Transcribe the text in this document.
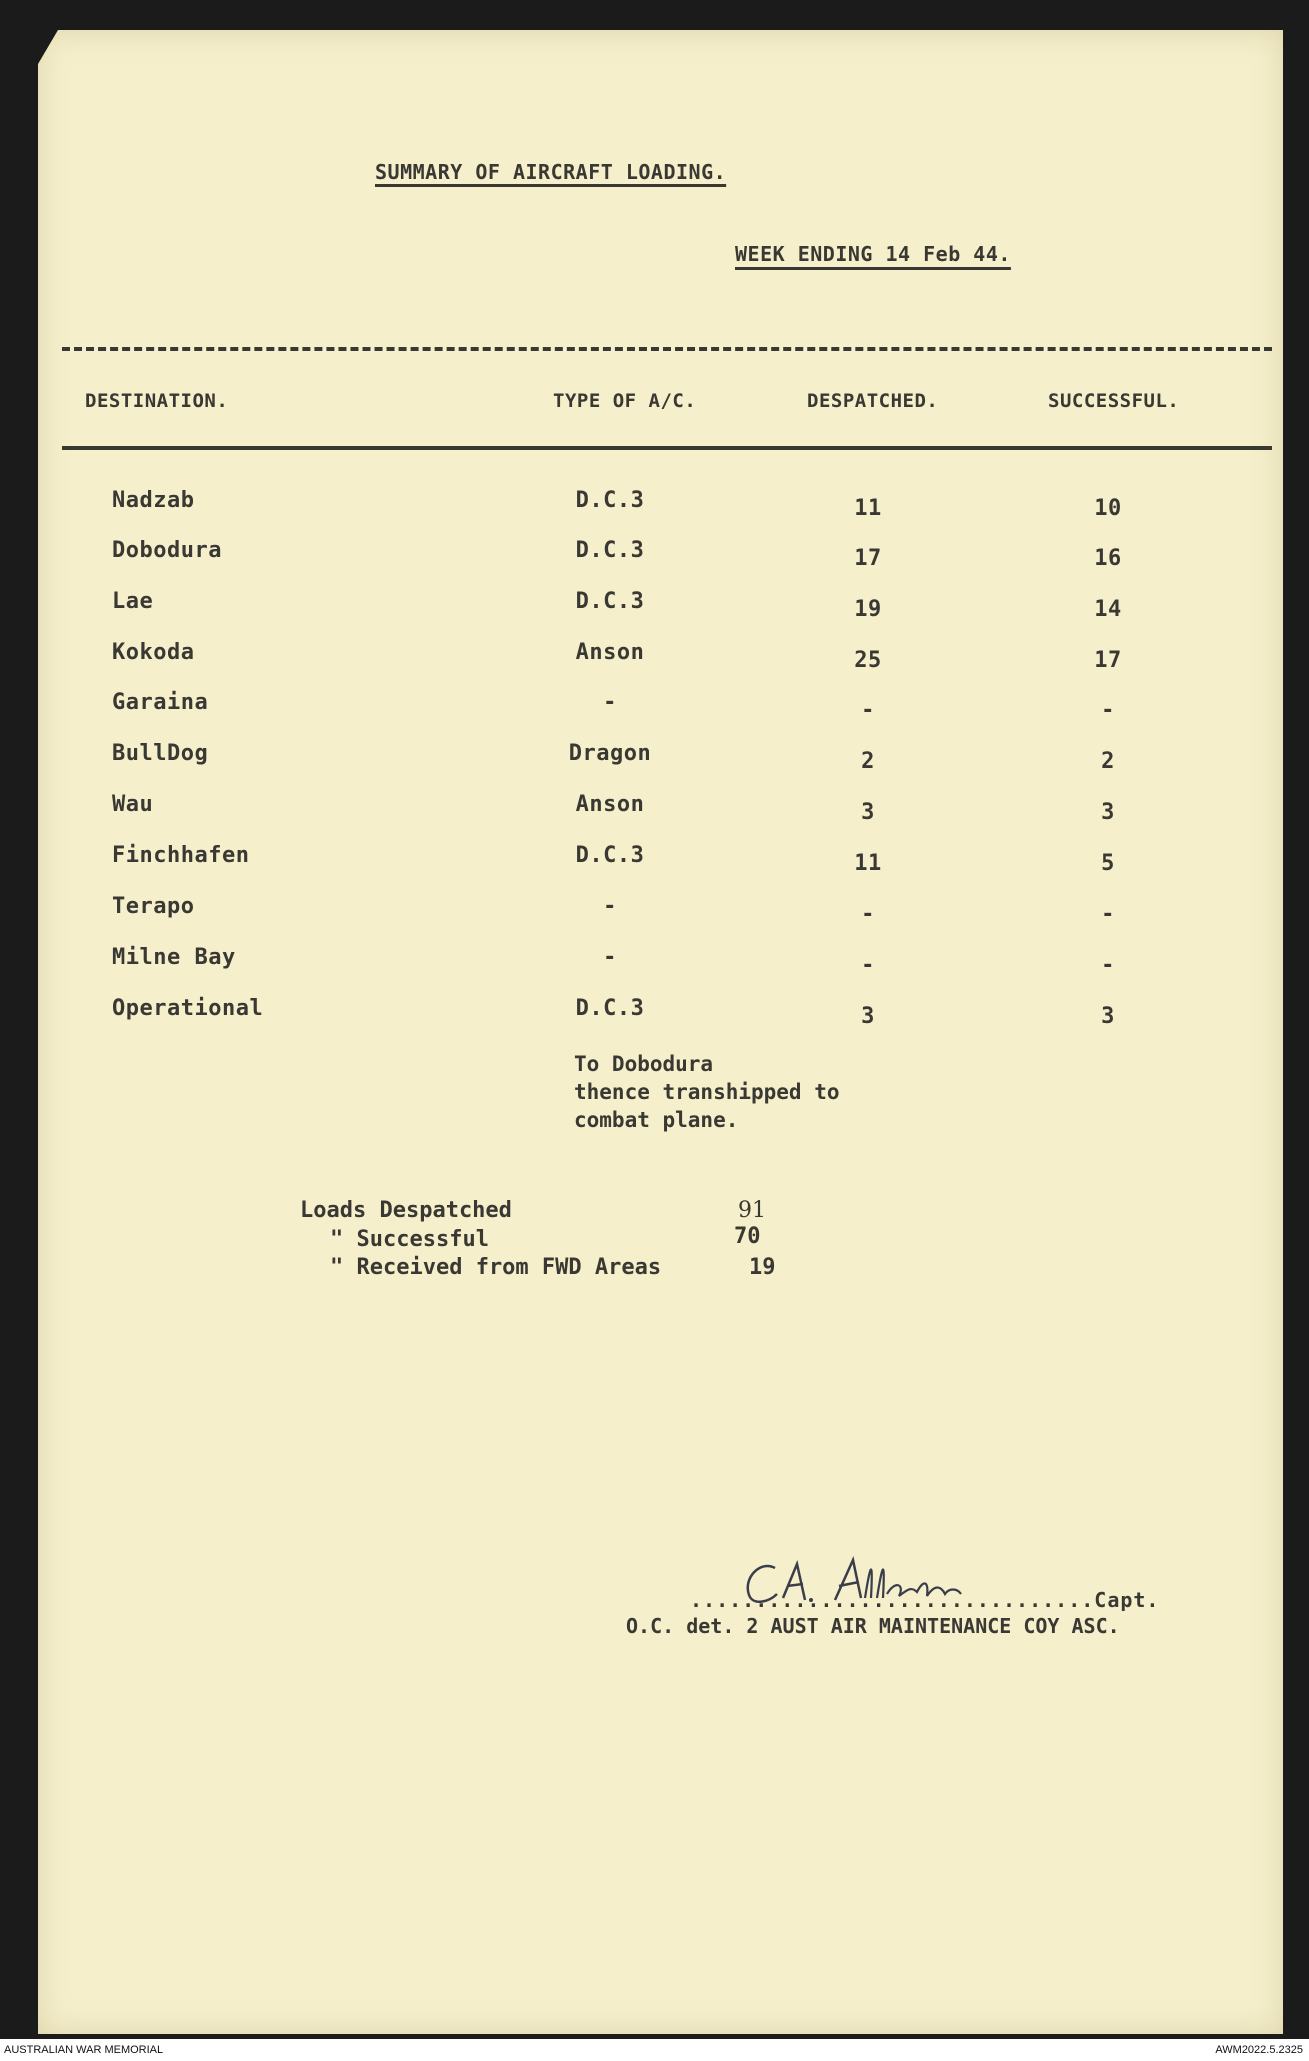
SUMMARY OF AIRCRAFT LOADING.
WEEK ENDING 14 Feb 44.
DESTINATION.	TYPE OF A/C.	DESPATCHED.	SUCCESSFUL.
Nadzab	D.C.3	11	10
Dobodura	D.C.3	17	16
Lae	D.C.3	19	14
Kokoda	Anson	25	17
Garaina	-	-	-
BullDog	Dragon	2	2
Wau	Anson	3	3
Finchhafen	D.C.3	11	5
Terapo	-	-	-
Milne Bay	-	-	-
Operational	D.C.3	3	3
To Dobodura
thence transhipped to
combat plane.
Loads Despatched	91
" Successful	70
" Received from FWD Areas	19
...............................Capt.
O.C. det. 2 AUST AIR MAINTENANCE COY ASC.
AUSTRALIAN WAR MEMORIAL	AWM2022.5.2325
